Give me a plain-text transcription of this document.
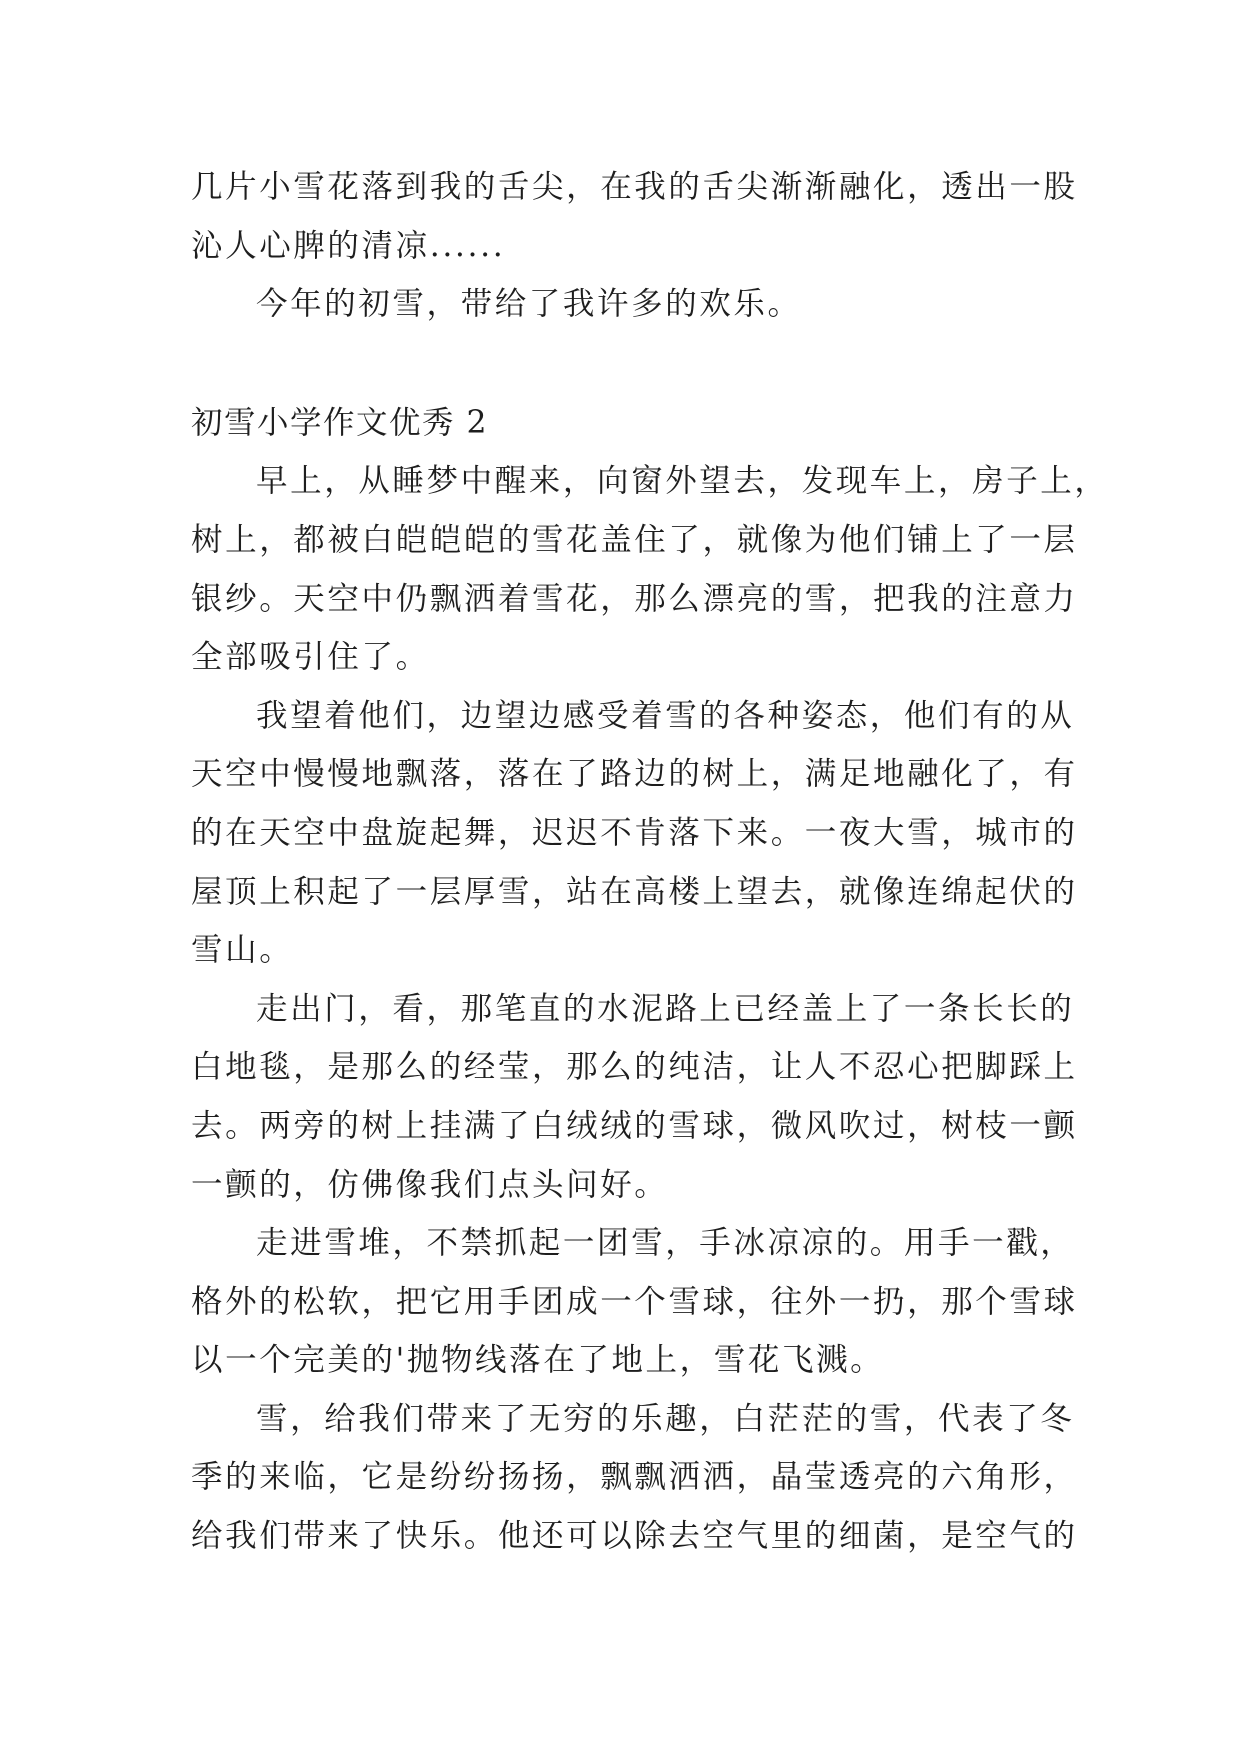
几片小雪花落到我的舌尖，在我的舌尖渐渐融化，透出一股
沁人心脾的清凉......
今年的初雪，带给了我许多的欢乐。
初雪小学作文优秀 2
早上，从睡梦中醒来，向窗外望去，发现车上，房子上，
树上，都被白皑皑皑的雪花盖住了，就像为他们铺上了一层
银纱。天空中仍飘洒着雪花，那么漂亮的雪，把我的注意力
全部吸引住了。
我望着他们，边望边感受着雪的各种姿态，他们有的从
天空中慢慢地飘落，落在了路边的树上，满足地融化了，有
的在天空中盘旋起舞，迟迟不肯落下来。一夜大雪，城市的
屋顶上积起了一层厚雪，站在高楼上望去，就像连绵起伏的
雪山。
走出门，看，那笔直的水泥路上已经盖上了一条长长的
白地毯，是那么的经莹，那么的纯洁，让人不忍心把脚踩上
去。两旁的树上挂满了白绒绒的雪球，微风吹过，树枝一颤
一颤的，仿佛像我们点头问好。
走进雪堆，不禁抓起一团雪，手冰凉凉的。用手一戳，
格外的松软，把它用手团成一个雪球，往外一扔，那个雪球
以一个完美的'抛物线落在了地上，雪花飞溅。
雪，给我们带来了无穷的乐趣，白茫茫的雪，代表了冬
季的来临，它是纷纷扬扬，飘飘洒洒，晶莹透亮的六角形，
给我们带来了快乐。他还可以除去空气里的细菌，是空气的
